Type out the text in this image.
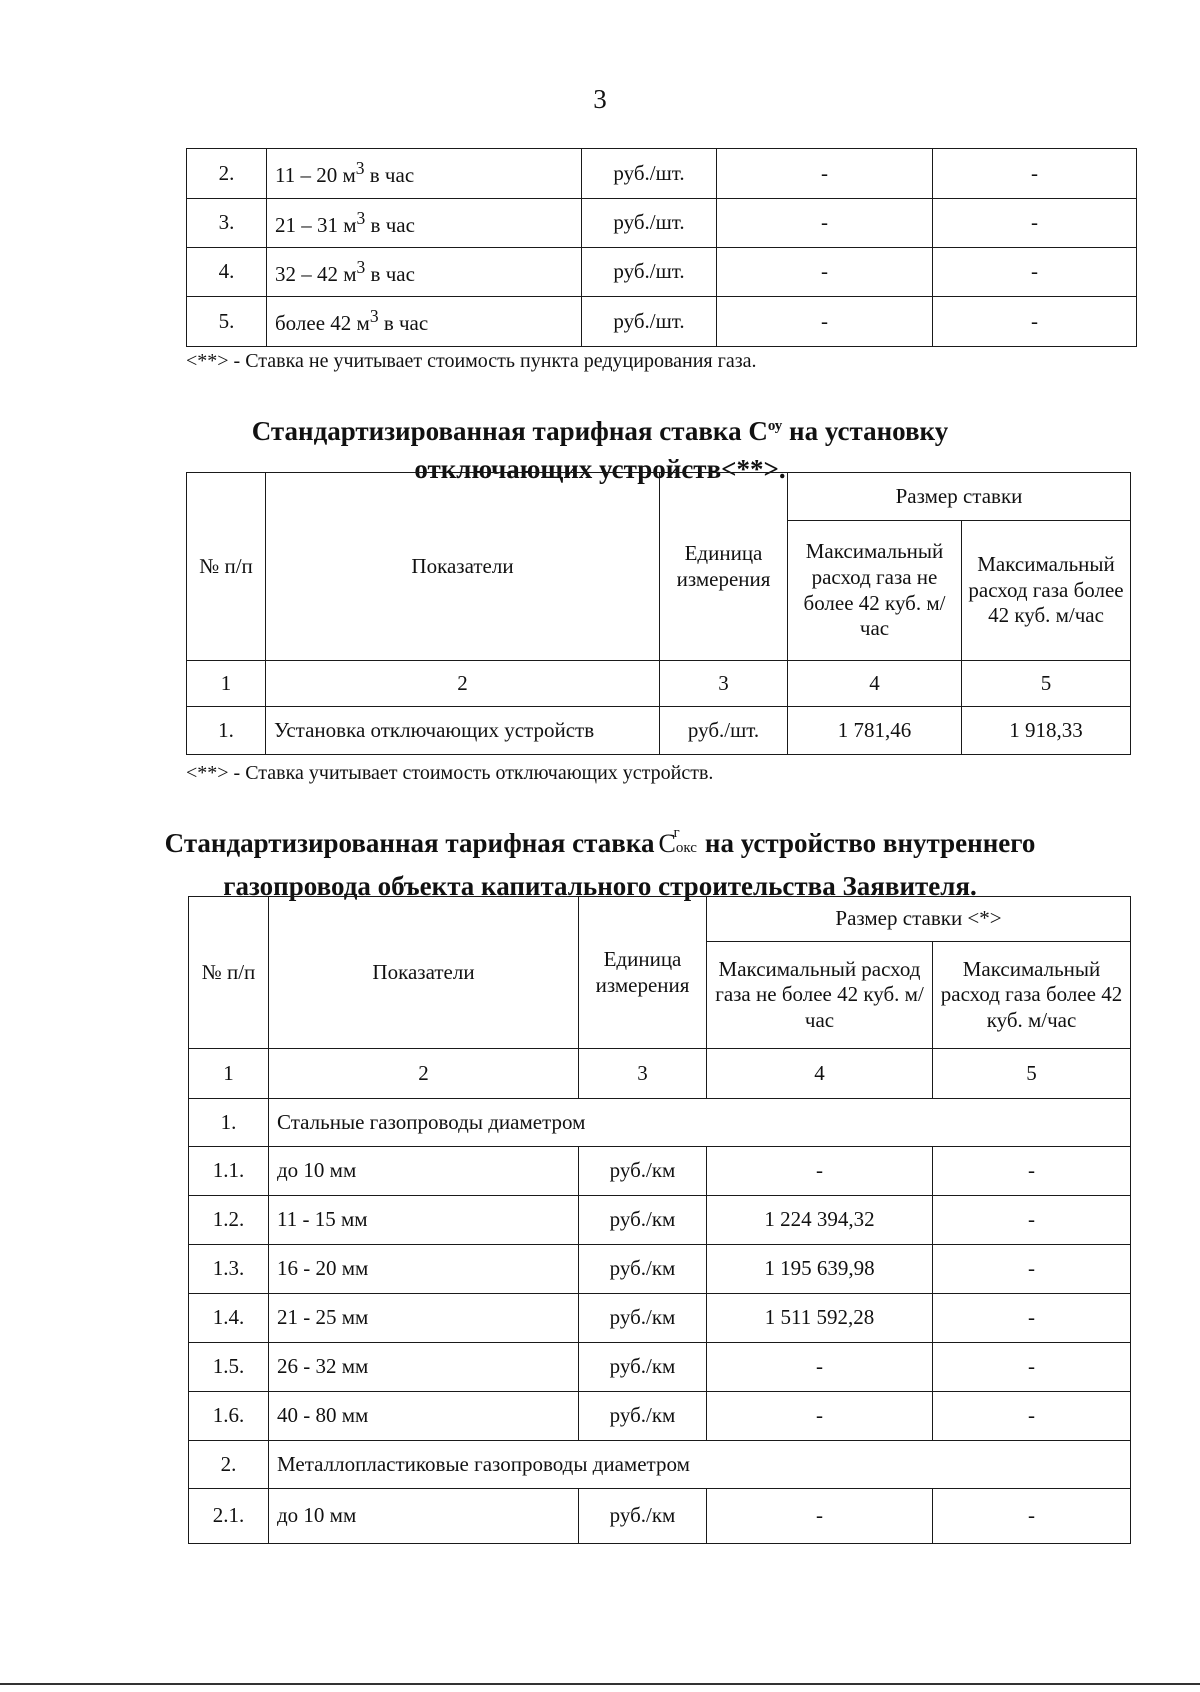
3
2.	11 – 20 $м^3$ в час	руб./шт.	-	-
3.	21 – 31 $м^3$ в час	руб./шт.	-	-
4.	32 – 42 $м^3$ в час	руб./шт.	-	-
5.	более 42 $м^3$ в час	руб./шт.	-	-
<**> - Ставка не учитывает стоимость пункта редуцирования газа.
Стандартизированная тарифная ставка $С^{оу}$ на установку
отключающих устройств<**>.
№ п/п	Показатели	Единица измерения	Размер ставки	
			Максимальный расход газа не более 42 куб. м/час	Максимальный расход газа более 42 куб. м/час
1	2	3	4	5
1.	Установка отключающих устройств	руб./шт.	1 781,46	1 918,33
<**> - Ставка учитывает стоимость отключающих устройств.
Стандартизированная тарифная ставка С
г
окс на устройство внутреннего
газопровода объекта капитального строительства Заявителя.
№ п/п	Показатели	Единица измерения	Размер ставки <*>	
			Максимальный расход газа не более 42 куб. м/час	Максимальный расход газа более 42 куб. м/час
1	2	3	4	5
1.	Стальные газопроводы диаметром			
1.1.	до 10 мм	руб./км	-	-
1.2.	11 - 15 мм	руб./км	1 224 394,32	-
1.3.	16 - 20 мм	руб./км	1 195 639,98	-
1.4.	21 - 25 мм	руб./км	1 511 592,28	-
1.5.	26 - 32 мм	руб./км	-	-
1.6.	40 - 80 мм	руб./км	-	-
2.	Металлопластиковые газопроводы диаметром			
2.1.	до 10 мм	руб./км	-	-
